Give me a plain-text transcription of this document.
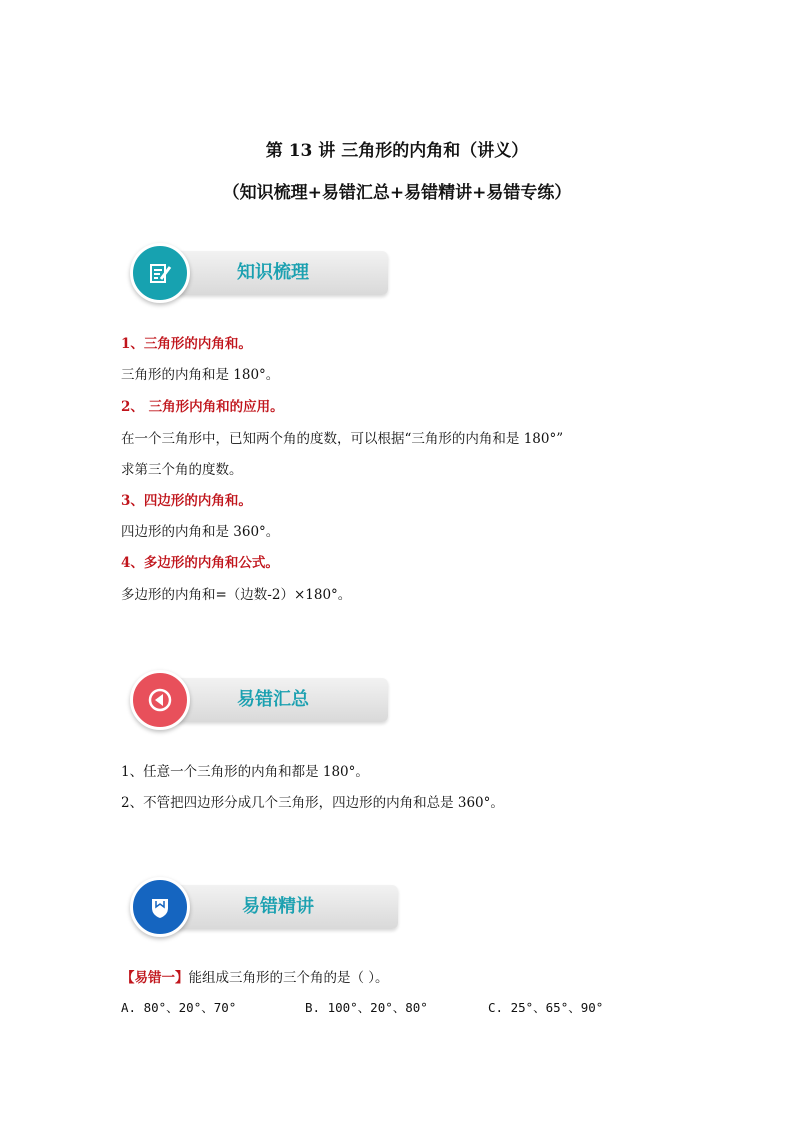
第 13 讲 三角形的内角和（讲义）
（知识梳理+易错汇总+易错精讲+易错专练）
知识梳理
1、三角形的内角和。
三角形的内角和是 180°。
2、 三角形内角和的应用。
在一个三角形中，已知两个角的度数，可以根据“三角形的内角和是 180°”
求第三个角的度数。
3、四边形的内角和。
四边形的内角和是 360°。
4、多边形的内角和公式。
多边形的内角和=（边数-2）×180°。
易错汇总
1、任意一个三角形的内角和都是 180°。
2、不管把四边形分成几个三角形，四边形的内角和总是 360°。
易错精讲
【易错一】能组成三角形的三个角的是（ ）。
A. 80°、20°、70°	B. 100°、20°、80°	C. 25°、65°、90°
